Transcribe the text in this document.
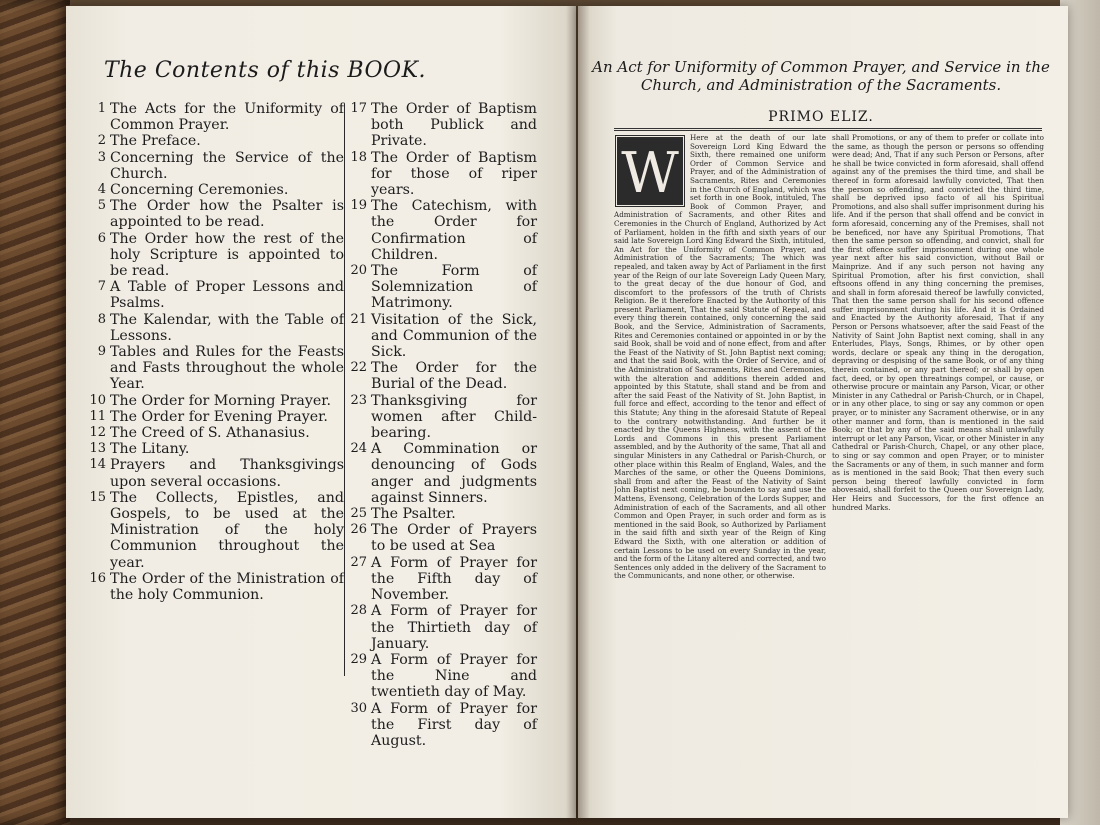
The Contents of this BOOK.
1 The Acts for the Uniformity of Common Prayer.
2 The Preface.
3 Concerning the Service of the Church.
4 Concerning Ceremonies.
5 The Order how the Psalter is appointed to be read.
6 The Order how the rest of the holy Scripture is appointed to be read.
7 A Table of Proper Lessons and Psalms.
8 The Kalendar, with the Table of Lessons.
9 Tables and Rules for the Feasts and Fasts throughout the whole Year.
10 The Order for Morning Prayer.
11 The Order for Evening Prayer.
12 The Creed of S. Athanasius.
13 The Litany.
14 Prayers and Thanksgivings upon several occasions.
15 The Collects, Epistles, and Gospels, to be used at the Ministration of the holy Communion throughout the year.
16 The Order of the Ministration of the holy Communion.
17 The Order of Baptism both Publick and Private.
18 The Order of Baptism for those of riper years.
19 The Catechism, with the Order for Confirmation of Children.
20 The Form of Solemnization of Matrimony.
21 Visitation of the Sick, and Communion of the Sick.
22 The Order for the Burial of the Dead.
23 Thanksgiving for women after Child-bearing.
24 A Commination or denouncing of Gods anger and judgments against Sinners.
25 The Psalter.
26 The Order of Prayers to be used at Sea
27 A Form of Prayer for the Fifth day of November.
28 A Form of Prayer for the Thirtieth day of January.
29 A Form of Prayer for the Nine and twentieth day of May.
30 A Form of Prayer for the First day of August.
An Act for Uniformity of Common Prayer, and Service in the Church, and Administration of the Sacraments.
PRIMO ELIZ.
Here at the death of our late Sovereign Lord King Edward the Sixth, there remained one uniform Order of Common Service and Prayer, and of the Administration of Sacraments, Rites and Ceremonies in the Church of England, which was set forth in one Book, intituled, The Book of Common Prayer, and Administration of Sacraments, and other Rites and Ceremonies in the Church of England, Authorized by Act of Parliament, holden in the fifth and sixth years of our said late Sovereign Lord King Edward the Sixth, intituled, An Act for the Uniformity of Common Prayer, and Administration of the Sacraments; The which was repealed, and taken away by Act of Parliament in the first year of the Reign of our late Sovereign Lady Queen Mary, to the great decay of the due honour of God, and discomfort to the professors of the truth of Christs Religion. Be it therefore Enacted by the Authority of this present Parliament, That the said Statute of Repeal, and every thing therein contained, only concerning the said Book, and the Service, Administration of Sacraments, Rites and Ceremonies contained or appointed in or by the said Book, shall be void and of none effect, from and after the Feast of the Nativity of St. John Baptist next coming; and that the said Book, with the Order of Service, and of the Administration of Sacraments, Rites and Ceremonies, with the alteration and additions therein added and appointed by this Statute, shall stand and be from and after the said Feast of the Nativity of St. John Baptist, in full force and effect, according to the tenor and effect of this Statute; Any thing in the aforesaid Statute of Repeal to the contrary notwithstanding. And further be it enacted by the Queens Highness, with the assent of the Lords and Commons in this present Parliament assembled, and by the Authority of the same, That all and singular Ministers in any Cathedral or Parish-Church, or other place within this Realm of England, Wales, and the Marches of the same, or other the Queens Dominions, shall from and after the Feast of the Nativity of Saint John Baptist next coming, be bounden to say and use the Mattens, Evensong, Celebration of the Lords Supper, and Administration of each of the Sacraments, and all other Common and Open Prayer, in such order and form as is mentioned in the said Book, so Authorized by Parliament in the said fifth and sixth year of the Reign of King Edward the Sixth, with one alteration or addition of certain Lessons to be used on every Sunday in the year, and the form of the Litany altered and corrected, and two Sentences only added in the delivery of the Sacrament to the Communicants, and none other, or otherwise.
W
shall Promotions, or any of them to prefer or collate into the same, as though the person or persons so offending were dead; And, That if any such Person or Persons, after he shall be twice convicted in form aforesaid, shall offend against any of the premises the third time, and shall be thereof in form aforesaid lawfully convicted, That then the person so offending, and convicted the third time, shall be deprived ipso facto of all his Spiritual Promotions, and also shall suffer imprisonment during his life. And if the person that shall offend and be convict in form aforesaid, concerning any of the Premises, shall not be beneficed, nor have any Spiritual Promotions, That then the same person so offending, and convict, shall for the first offence suffer imprisonment during one whole year next after his said conviction, without Bail or Mainprize. And if any such person not having any Spiritual Promotion, after his first conviction, shall eftsoons offend in any thing concerning the premises, and shall in form aforesaid thereof be lawfully convicted, That then the same person shall for his second offence suffer imprisonment during his life. And it is Ordained and Enacted by the Authority aforesaid, That if any Person or Persons whatsoever, after the said Feast of the Nativity of Saint John Baptist next coming, shall in any Enterludes, Plays, Songs, Rhimes, or by other open words, declare or speak any thing in the derogation, depraving or despising of the same Book, or of any thing therein contained, or any part thereof; or shall by open fact, deed, or by open threatnings compel, or cause, or otherwise procure or maintain any Parson, Vicar, or other Minister in any Cathedral or Parish-Church, or in Chapel, or in any other place, to sing or say any common or open prayer, or to minister any Sacrament otherwise, or in any other manner and form, than is mentioned in the said Book; or that by any of the said means shall unlawfully interrupt or let any Parson, Vicar, or other Minister in any Cathedral or Parish-Church, Chapel, or any other place, to sing or say common and open Prayer, or to minister the Sacraments or any of them, in such manner and form as is mentioned in the said Book; That then every such person being thereof lawfully convicted in form abovesaid, shall forfeit to the Queen our Sovereign Lady, Her Heirs and Successors, for the first offence an hundred Marks.
